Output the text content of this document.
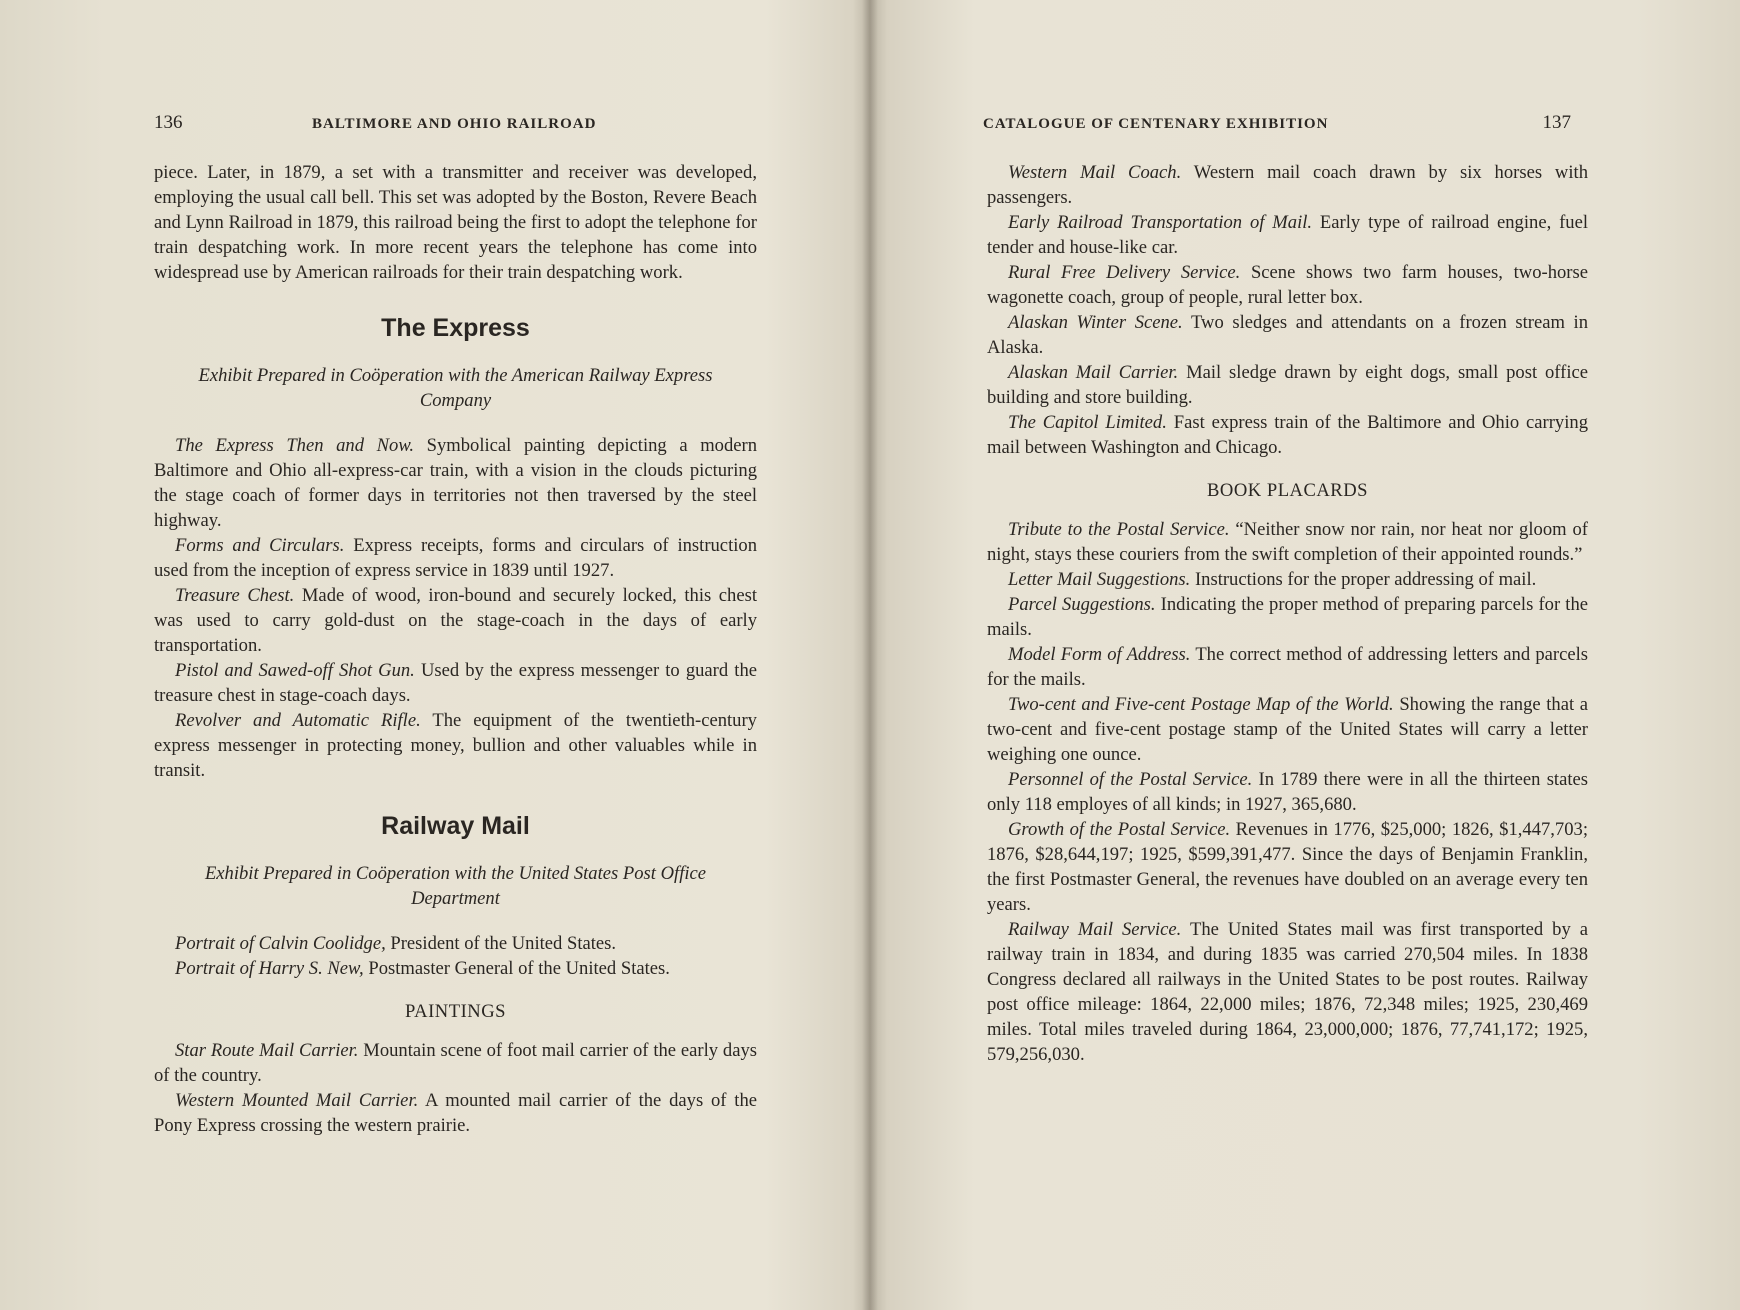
136	BALTIMORE AND OHIO RAILROAD

piece. Later, in 1879, a set with a transmitter and receiver was developed, employing the usual call bell. This set was adopted by the Boston, Revere Beach and Lynn Railroad in 1879, this railroad being the first to adopt the telephone for train despatching work. In more recent years the telephone has come into widespread use by American railroads for their train despatching work.

The Express
Exhibit Prepared in Coöperation with the American Railway Express Company

The Express Then and Now. Symbolical painting depicting a modern Baltimore and Ohio all-express-car train, with a vision in the clouds picturing the stage coach of former days in territories not then traversed by the steel highway.

Forms and Circulars. Express receipts, forms and circulars of instruction used from the inception of express service in 1839 until 1927.

Treasure Chest. Made of wood, iron-bound and securely locked, this chest was used to carry gold-dust on the stage-coach in the days of early transportation.

Pistol and Sawed-off Shot Gun. Used by the express messenger to guard the treasure chest in stage-coach days.

Revolver and Automatic Rifle. The equipment of the twentieth-century express messenger in protecting money, bullion and other valuables while in transit.

Railway Mail
Exhibit Prepared in Coöperation with the United States Post Office Department

Portrait of Calvin Coolidge, President of the United States.

Portrait of Harry S. New, Postmaster General of the United States.

PAINTINGS

Star Route Mail Carrier. Mountain scene of foot mail carrier of the early days of the country.

Western Mounted Mail Carrier. A mounted mail carrier of the days of the Pony Express crossing the western prairie.

CATALOGUE OF CENTENARY EXHIBITION	137

Western Mail Coach. Western mail coach drawn by six horses with passengers.

Early Railroad Transportation of Mail. Early type of railroad engine, fuel tender and house-like car.

Rural Free Delivery Service. Scene shows two farm houses, two-horse wagonette coach, group of people, rural letter box.

Alaskan Winter Scene. Two sledges and attendants on a frozen stream in Alaska.

Alaskan Mail Carrier. Mail sledge drawn by eight dogs, small post office building and store building.

The Capitol Limited. Fast express train of the Baltimore and Ohio carrying mail between Washington and Chicago.

BOOK PLACARDS

Tribute to the Postal Service. “Neither snow nor rain, nor heat nor gloom of night, stays these couriers from the swift completion of their appointed rounds.”

Letter Mail Suggestions. Instructions for the proper addressing of mail.

Parcel Suggestions. Indicating the proper method of preparing parcels for the mails.

Model Form of Address. The correct method of addressing letters and parcels for the mails.

Two-cent and Five-cent Postage Map of the World. Showing the range that a two-cent and five-cent postage stamp of the United States will carry a letter weighing one ounce.

Personnel of the Postal Service. In 1789 there were in all the thirteen states only 118 employes of all kinds; in 1927, 365,680.

Growth of the Postal Service. Revenues in 1776, $25,000; 1826, $1,447,703; 1876, $28,644,197; 1925, $599,391,477. Since the days of Benjamin Franklin, the first Postmaster General, the revenues have doubled on an average every ten years.

Railway Mail Service. The United States mail was first transported by a railway train in 1834, and during 1835 was carried 270,504 miles. In 1838 Congress declared all railways in the United States to be post routes. Railway post office mileage: 1864, 22,000 miles; 1876, 72,348 miles; 1925, 230,469 miles. Total miles traveled during 1864, 23,000,000; 1876, 77,741,172; 1925, 579,256,030.
